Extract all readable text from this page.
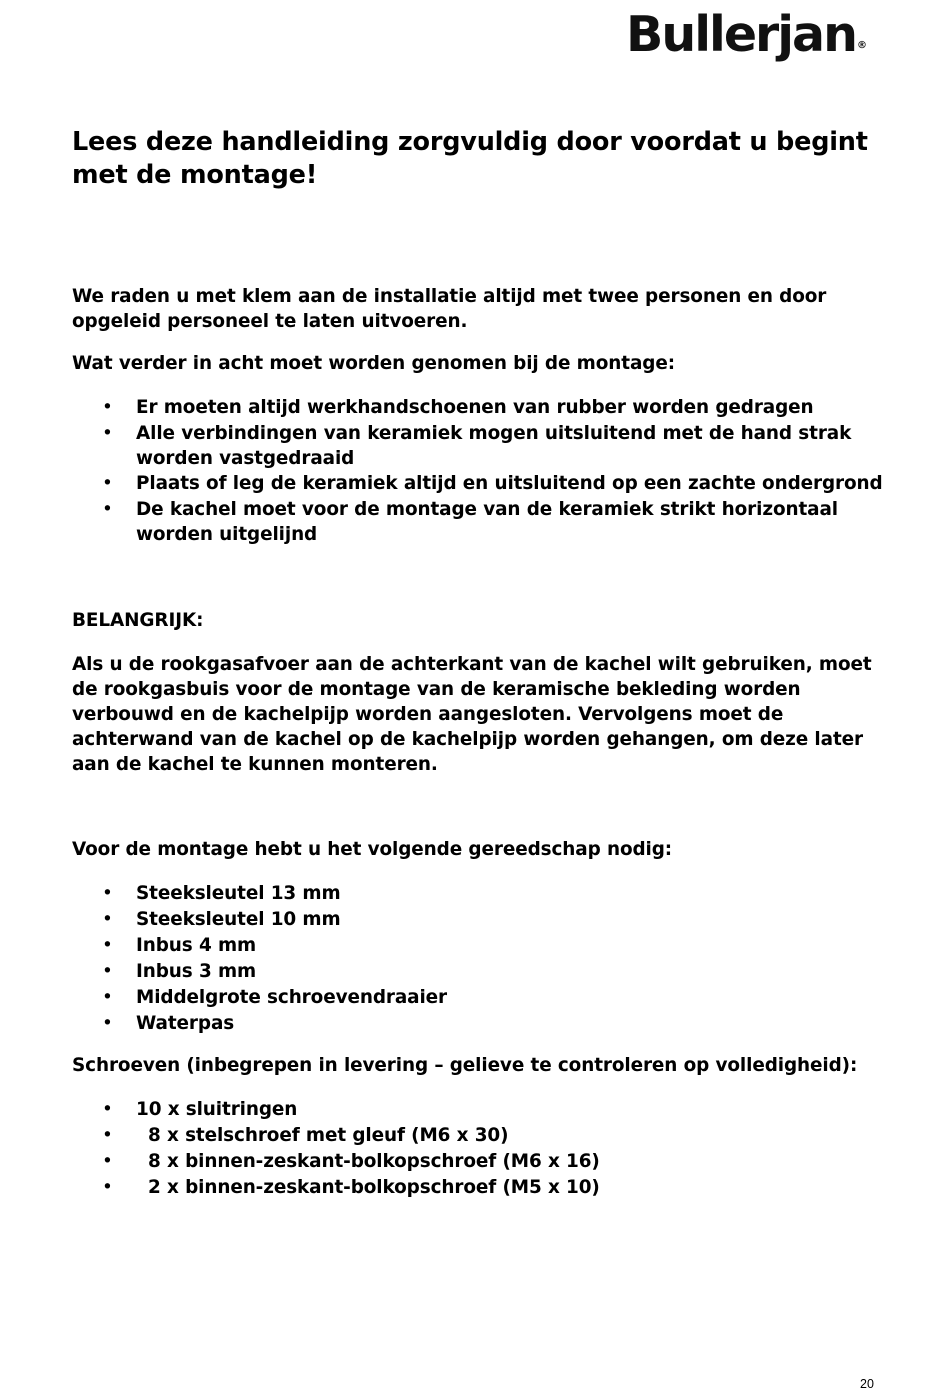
Bullerjan ®
Lees deze handleiding zorgvuldig door voordat u begint met de montage!

We raden u met klem aan de installatie altijd met twee personen en door opgeleid personeel te laten uitvoeren.

Wat verder in acht moet worden genomen bij de montage:

• Er moeten altijd werkhandschoenen van rubber worden gedragen
• Alle verbindingen van keramiek mogen uitsluitend met de hand strak worden vastgedraaid
• Plaats of leg de keramiek altijd en uitsluitend op een zachte ondergrond
• De kachel moet voor de montage van de keramiek strikt horizontaal worden uitgelijnd

BELANGRIJK:

Als u de rookgasafvoer aan de achterkant van de kachel wilt gebruiken, moet de rookgasbuis voor de montage van de keramische bekleding worden verbouwd en de kachelpijp worden aangesloten. Vervolgens moet de achterwand van de kachel op de kachelpijp worden gehangen, om deze later aan de kachel te kunnen monteren.

Voor de montage hebt u het volgende gereedschap nodig:

• Steeksleutel 13 mm
• Steeksleutel 10 mm
• Inbus 4 mm
• Inbus 3 mm
• Middelgrote schroevendraaier
• Waterpas

Schroeven (inbegrepen in levering – gelieve te controleren op volledigheid):

• 10 x sluitringen
•	8 x stelschroef met gleuf (M6 x 30)
•	8 x binnen-zeskant-bolkopschroef (M6 x 16)
•	2 x binnen-zeskant-bolkopschroef (M5 x 10)
20
